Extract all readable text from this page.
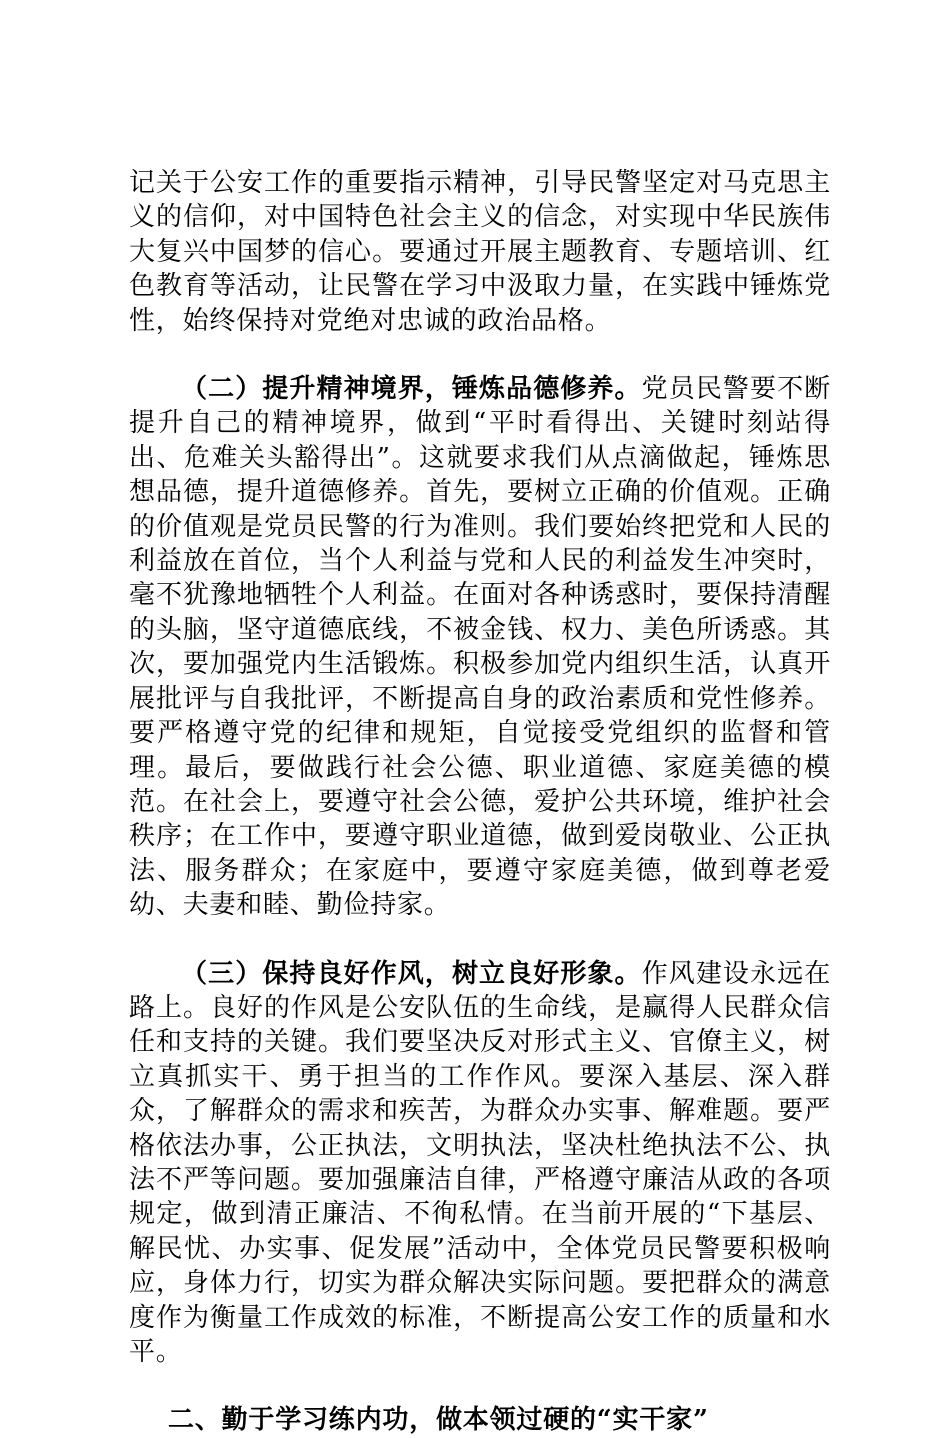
记关于公安工作的重要指示精神，引导民警坚定对马克思主义的信仰，对中国特色社会主义的信念，对实现中华民族伟大复兴中国梦的信心。要通过开展主题教育、专题培训、红色教育等活动，让民警在学习中汲取力量，在实践中锤炼党性，始终保持对党绝对忠诚的政治品格。

（二）提升精神境界，锤炼品德修养。党员民警要不断提升自己的精神境界，做到“平时看得出、关键时刻站得出、危难关头豁得出”。这就要求我们从点滴做起，锤炼思想品德，提升道德修养。首先，要树立正确的价值观。正确的价值观是党员民警的行为准则。我们要始终把党和人民的利益放在首位，当个人利益与党和人民的利益发生冲突时，毫不犹豫地牺牲个人利益。在面对各种诱惑时，要保持清醒的头脑，坚守道德底线，不被金钱、权力、美色所诱惑。其次，要加强党内生活锻炼。积极参加党内组织生活，认真开展批评与自我批评，不断提高自身的政治素质和党性修养。要严格遵守党的纪律和规矩，自觉接受党组织的监督和管理。最后，要做践行社会公德、职业道德、家庭美德的模范。在社会上，要遵守社会公德，爱护公共环境，维护社会秩序；在工作中，要遵守职业道德，做到爱岗敬业、公正执法、服务群众；在家庭中，要遵守家庭美德，做到尊老爱幼、夫妻和睦、勤俭持家。

（三）保持良好作风，树立良好形象。作风建设永远在路上。良好的作风是公安队伍的生命线，是赢得人民群众信任和支持的关键。我们要坚决反对形式主义、官僚主义，树立真抓实干、勇于担当的工作作风。要深入基层、深入群众，了解群众的需求和疾苦，为群众办实事、解难题。要严格依法办事，公正执法，文明执法，坚决杜绝执法不公、执法不严等问题。要加强廉洁自律，严格遵守廉洁从政的各项规定，做到清正廉洁、不徇私情。在当前开展的“下基层、解民忧、办实事、促发展”活动中，全体党员民警要积极响应，身体力行，切实为群众解决实际问题。要把群众的满意度作为衡量工作成效的标准，不断提高公安工作的质量和水平。

二、勤于学习练内功，做本领过硬的“实干家”
